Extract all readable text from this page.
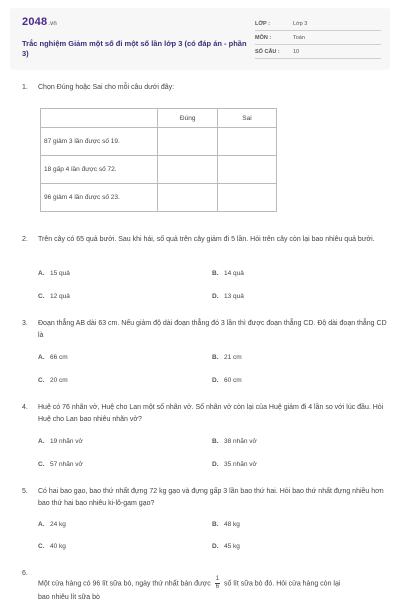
2048.vn
Trắc nghiệm Giảm một số đi một số lần lớp 3 (có đáp án - phần 3)
LỚP :	Lớp 3
MÔN :	Toán
SỐ CÂU : 10
1. Chọn Đúng hoặc Sai cho mỗi câu dưới đây:
	Đúng	Sai
87 giảm 3 lần được số 19.		
18 gấp 4 lần được số 72.		
96 giảm 4 lần được số 23.		
2. Trên cây có 65 quả bưởi. Sau khi hái, số quả trên cây giảm đi 5 lần. Hỏi trên cây còn lại bao nhiêu quả bưởi.
A. 15 quả	B. 14 quả
C. 12 quả	D. 13 quả
3. Đoạn thẳng AB dài 63 cm. Nếu giảm độ dài đoạn thẳng đó 3 lần thì được đoạn thẳng CD. Độ dài đoạn thẳng CD là
A. 66 cm	B. 21 cm
C. 20 cm	D. 60 cm
4. Huệ có 76 nhãn vở, Huệ cho Lan một số nhãn vở. Số nhãn vở còn lại của Huệ giảm đi 4 lần so với lúc đầu. Hỏi Huệ cho Lan bao nhiêu nhãn vở?
A. 19 nhãn vở	B. 38 nhãn vở
C. 57 nhãn vở	D. 35 nhãn vở
5. Có hai bao gạo, bao thứ nhất đựng 72 kg gạo và đựng gấp 3 lần bao thứ hai. Hỏi bao thứ nhất đựng nhiều hơn bao thứ hai bao nhiêu ki-lô-gam gạo?
A. 24 kg	B. 48 kg
C. 40 kg	D. 45 kg
6.
Một cửa hàng có 96 lít sữa bò, ngày thứ nhất bán được $\frac{1}{6}$ số lít sữa bò đó. Hỏi cửa hàng còn lại
bao nhiêu lít sữa bò
